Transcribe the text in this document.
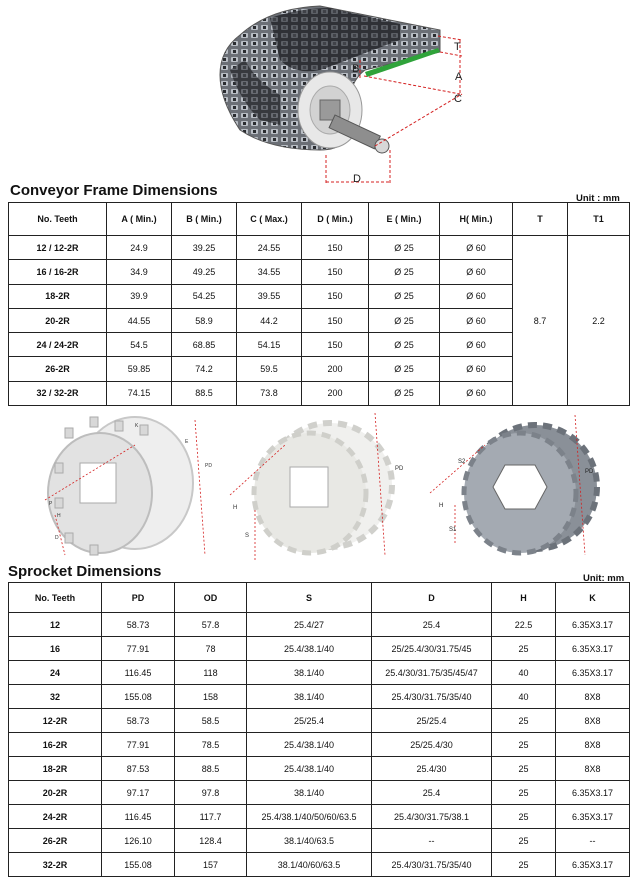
T
B
A
C
D
Conveyor Frame Dimensions	Unit : mm
No. Teeth	A ( Min.)	B ( Min.)	C ( Max.)	D ( Min.)	E ( Min.)	H( Min.)	T	T1
12 / 12-2R	24.9	39.25	24.55	150	Ø 25	Ø 60	8.7	2.2
16 / 16-2R	34.9	49.25	34.55	150	Ø 25	Ø 60		
18-2R	39.9	54.25	39.55	150	Ø 25	Ø 60		
20-2R	44.55	58.9	44.2	150	Ø 25	Ø 60		
24 / 24-2R	54.5	68.85	54.15	150	Ø 25	Ø 60		
26-2R	59.85	74.2	59.5	200	Ø 25	Ø 60		
32 / 32-2R	74.15	88.5	73.8	200	Ø 25	Ø 60		
PD
P
H
D
K
E
PD
H
S
S2
H
S1
PD
Sprocket Dimensions	Unit: mm
No. Teeth	PD	OD	S	D	H	K
12	58.73	57.8	25.4/27	25.4	22.5	6.35X3.17
16	77.91	78	25.4/38.1/40	25/25.4/30/31.75/45	25	6.35X3.17
24	116.45	118	38.1/40	25.4/30/31.75/35/45/47	40	6.35X3.17
32	155.08	158	38.1/40	25.4/30/31.75/35/40	40	8X8
12-2R	58.73	58.5	25/25.4	25/25.4	25	8X8
16-2R	77.91	78.5	25.4/38.1/40	25/25.4/30	25	8X8
18-2R	87.53	88.5	25.4/38.1/40	25.4/30	25	8X8
20-2R	97.17	97.8	38.1/40	25.4	25	6.35X3.17
24-2R	116.45	117.7	25.4/38.1/40/50/60/63.5	25.4/30/31.75/38.1	25	6.35X3.17
26-2R	126.10	128.4	38.1/40/63.5	--	25	--
32-2R	155.08	157	38.1/40/60/63.5	25.4/30/31.75/35/40	25	6.35X3.17
